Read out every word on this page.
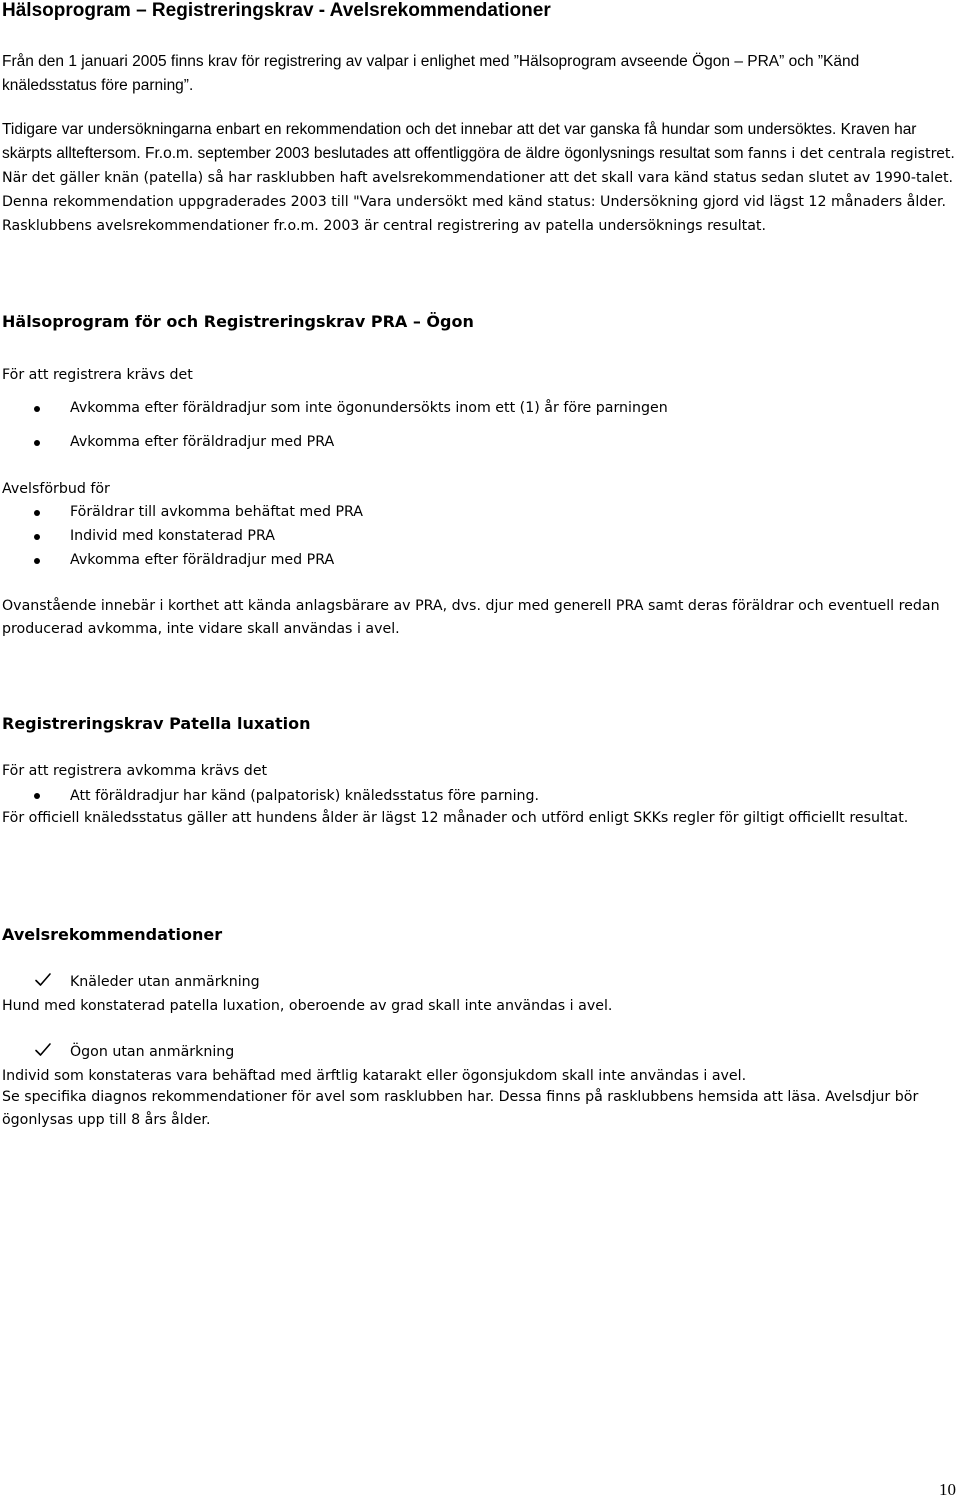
Hälsoprogram – Registreringskrav - Avelsrekommendationer

Från den 1 januari 2005 finns krav för registrering av valpar i enlighet med ”Hälsoprogram avseende Ögon – PRA” och ”Känd knäledsstatus före parning”.

Tidigare var undersökningarna enbart en rekommendation och det innebar att det var ganska få hundar som undersöktes. Kraven har skärpts allteftersom. Fr.o.m. september 2003 beslutades att offentliggöra de äldre ögonlysnings resultat som fanns i det centrala registret. När det gäller knän (patella) så har rasklubben haft avelsrekommendationer att det skall vara känd status sedan slutet av 1990-talet. Denna rekommendation uppgraderades 2003 till "Vara undersökt med känd status: Undersökning gjord vid lägst 12 månaders ålder. Rasklubbens avelsrekommendationer fr.o.m. 2003 är central registrering av patella undersöknings resultat.

Hälsoprogram för och Registreringskrav PRA – Ögon

För att registrera krävs det

Avkomma efter föräldradjur som inte ögonundersökts inom ett (1) år före parningen

Avkomma efter föräldradjur med PRA

Avelsförbud för

Föräldrar till avkomma behäftat med PRA

Individ med konstaterad PRA

Avkomma efter föräldradjur med PRA

Ovanstående innebär i korthet att kända anlagsbärare av PRA, dvs. djur med generell PRA samt deras föräldrar och eventuell redan producerad avkomma, inte vidare skall användas i avel.

Registreringskrav Patella luxation

För att registrera avkomma krävs det

Att föräldradjur har känd (palpatorisk) knäledsstatus före parning.

För officiell knäledsstatus gäller att hundens ålder är lägst 12 månader och utförd enligt SKKs regler för giltigt officiellt resultat.

Avelsrekommendationer

Knäleder utan anmärkning

Hund med konstaterad patella luxation, oberoende av grad skall inte användas i avel.

Ögon utan anmärkning

Individ som konstateras vara behäftad med ärftlig katarakt eller ögonsjukdom skall inte användas i avel.

Se specifika diagnos rekommendationer för avel som rasklubben har. Dessa finns på rasklubbens hemsida att läsa. Avelsdjur bör ögonlysas upp till 8 års ålder.

10
